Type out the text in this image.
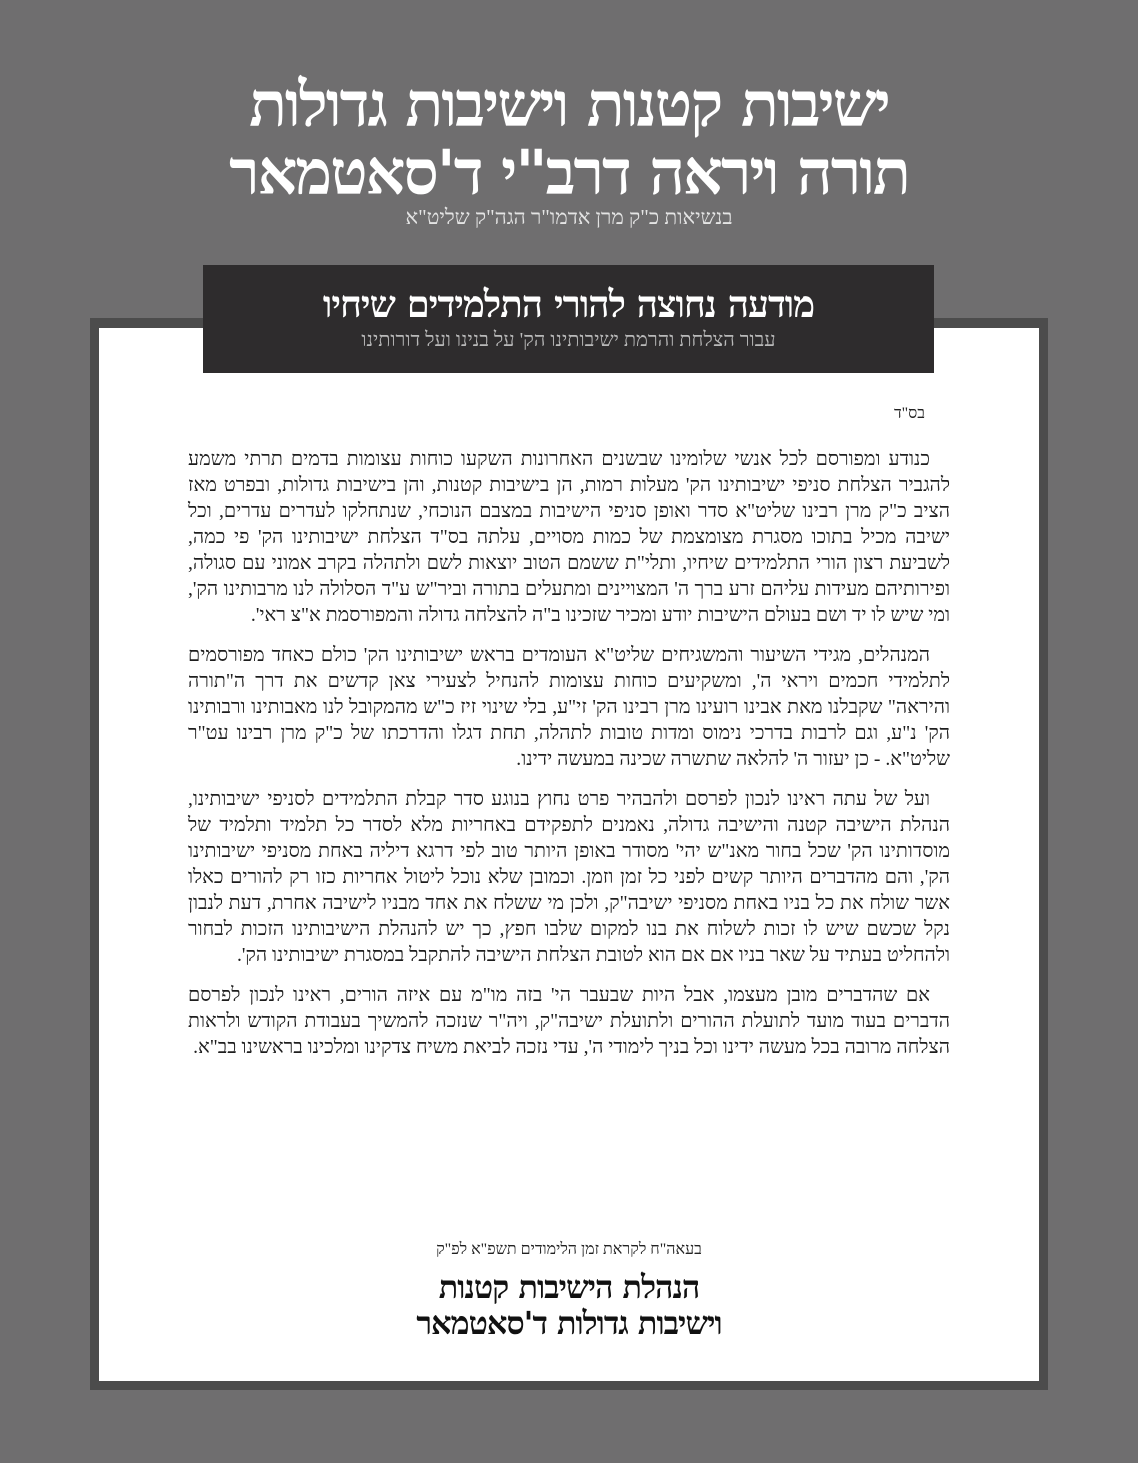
ישיבות קטנות וישיבות גדולות
תורה ויראה דרב"י ד'סאטמאר
בנשיאות כ"ק מרן אדמו"ר הגה"ק שליט"א
מודעה נחוצה להורי התלמידים שיחיו
עבור הצלחת והרמת ישיבותינו הק' על בנינו ועל דורותינו
בס"ד

כנודע ומפורסם לכל אנשי שלומינו שבשנים האחרונות השקעו כוחות עצומות בדמים תרתי משמע להגביר הצלחת סניפי ישיבותינו הק' מעלות רמות, הן בישיבות קטנות, והן בישיבות גדולות, ובפרט מאז הציב כ"ק מרן רבינו שליט"א סדר ואופן סניפי הישיבות במצבם הנוכחי, שנתחלקו לעדרים עדרים, וכל ישיבה מכיל בתוכו מסגרת מצומצמת של כמות מסויים, עלתה בס"ד הצלחת ישיבותינו הק' פי כמה, לשביעת רצון הורי התלמידים שיחיו, ותלי"ת ששמם הטוב יוצאות לשם ולתהלה בקרב אמוני עם סגולה, ופירותיהם מעידות עליהם זרע ברך ה' המצויינים ומתעלים בתורה וביר"ש ע"ד הסלולה לנו מרבותינו הק', ומי שיש לו יד ושם בעולם הישיבות יודע ומכיר שזכינו ב"ה להצלחה גדולה והמפורסמת א"צ ראי'.

המנהלים, מגידי השיעור והמשגיחים שליט"א העומדים בראש ישיבותינו הק' כולם כאחד מפורסמים לתלמידי חכמים ויראי ה', ומשקיעים כוחות עצומות להנחיל לצעירי צאן קדשים את דרך ה"תורה והיראה" שקבלנו מאת אבינו רועינו מרן רבינו הק' זי"ע, בלי שינוי זיז כ"ש מהמקובל לנו מאבותינו ורבותינו הק' נ"ע, וגם לרבות בדרכי נימוס ומדות טובות לתהלה, תחת דגלו והדרכתו של כ"ק מרן רבינו עט"ר שליט"א. - כן יעזור ה' להלאה שתשרה שכינה במעשה ידינו.

ועל של עתה ראינו לנכון לפרסם ולהבהיר פרט נחוץ בנוגע סדר קבלת התלמידים לסניפי ישיבותינו, הנהלת הישיבה קטנה והישיבה גדולה, נאמנים לתפקידם באחריות מלא לסדר כל תלמיד ותלמיד של מוסדותינו הק' שכל בחור מאנ"ש יהי' מסודר באופן היותר טוב לפי דרגא דיליה באחת מסניפי ישיבותינו הק', והם מהדברים היותר קשים לפני כל זמן וזמן. וכמובן שלא נוכל ליטול אחריות כזו רק להורים כאלו אשר שולח את כל בניו באחת מסניפי ישיבה"ק, ולכן מי ששלח את אחד מבניו לישיבה אחרת, דעת לנבון נקל שכשם שיש לו זכות לשלוח את בנו למקום שלבו חפץ, כך יש להנהלת הישיבותינו הזכות לבחור ולהחליט בעתיד על שאר בניו אם אם הוא לטובת הצלחת הישיבה להתקבל במסגרת ישיבותינו הק'.

אם שהדברים מובן מעצמו, אבל היות שבעבר הי' בזה מו"מ עם איזה הורים, ראינו לנכון לפרסם הדברים בעוד מועד לתועלת ההורים ולתועלת ישיבה"ק, ויה"ר שנזכה להמשיך בעבודת הקודש ולראות הצלחה מרובה בכל מעשה ידינו וכל בניך לימודי ה', עדי נזכה לביאת משיח צדקינו ומלכינו בראשינו בב"א.

בעאה"ח לקראת זמן הלימודים תשפ"א לפ"ק
הנהלת הישיבות קטנות
וישיבות גדולות ד'סאטמאר
